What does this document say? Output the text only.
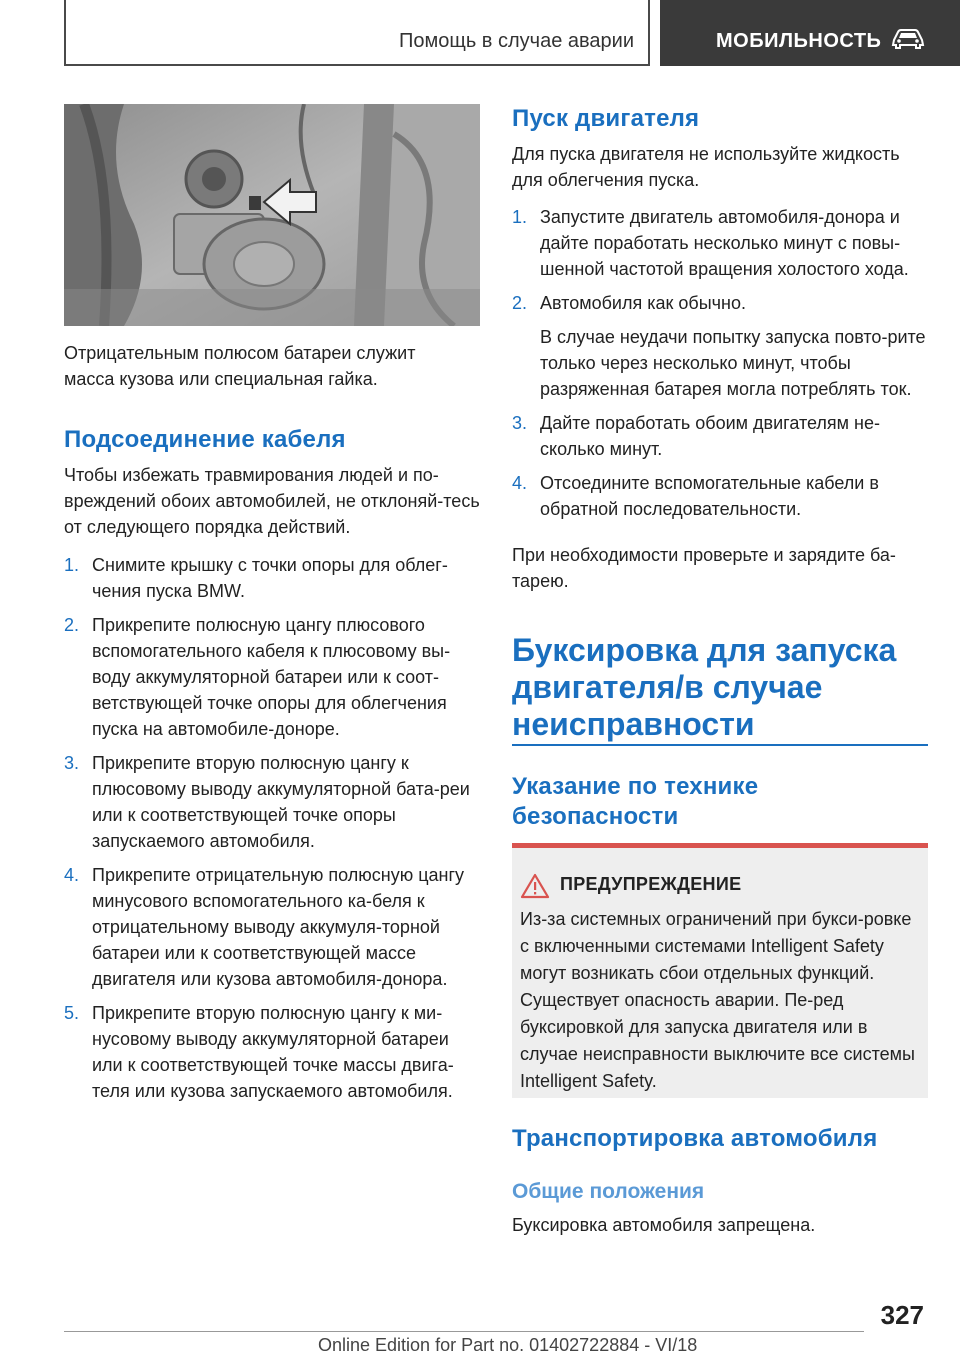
Помощь в случае аварии	МОБИЛЬНОСТЬ
Отрицательным полюсом батареи служит масса кузова или специальная гайка.
Подсоединение кабеля
Чтобы избежать травмирования людей и по-вреждений обоих автомобилей, не отклоняй-тесь от следующего порядка действий.
1. Снимите крышку с точки опоры для облег-чения пуска BMW.
2. Прикрепите полюсную цангу плюсового вспомогательного кабеля к плюсовому вы-воду аккумуляторной батареи или к соот-ветствующей точке опоры для облегчения пуска на автомобиле-доноре.
3. Прикрепите вторую полюсную цангу к плюсовому выводу аккумуляторной бата-реи или к соответствующей точке опоры запускаемого автомобиля.
4. Прикрепите отрицательную полюсную цангу минусового вспомогательного ка-беля к отрицательному выводу аккумуля-торной батареи или к соответствующей массе двигателя или кузова автомобиля-донора.
5. Прикрепите вторую полюсную цангу к ми-нусовому выводу аккумуляторной батареи или к соответствующей точке массы двига-теля или кузова запускаемого автомобиля.
Пуск двигателя
Для пуска двигателя не используйте жидкость для облегчения пуска.
1. Запустите двигатель автомобиля-донора и дайте поработать несколько минут с повы-шенной частотой вращения холостого хода.
2. Автомобиля как обычно.
В случае неудачи попытку запуска повто-рите только через несколько минут, чтобы разряженная батарея могла потреблять ток.
3. Дайте поработать обоим двигателям не-сколько минут.
4. Отсоедините вспомогательные кабели в обратной последовательности.
При необходимости проверьте и зарядите ба-тарею.
Буксировка для запуска двигателя/в случае неисправности
Указание по технике безопасности
ПРЕДУПРЕЖДЕНИЕ
Из-за системных ограничений при букси-ровке с включенными системами Intelligent Safety могут возникать сбои отдельных функций. Существует опасность аварии. Пе-ред буксировкой для запуска двигателя или в случае неисправности выключите все системы Intelligent Safety.
Транспортировка автомобиля
Общие положения
Буксировка автомобиля запрещена.
327
Online Edition for Part no. 01402722884 - VI/18
